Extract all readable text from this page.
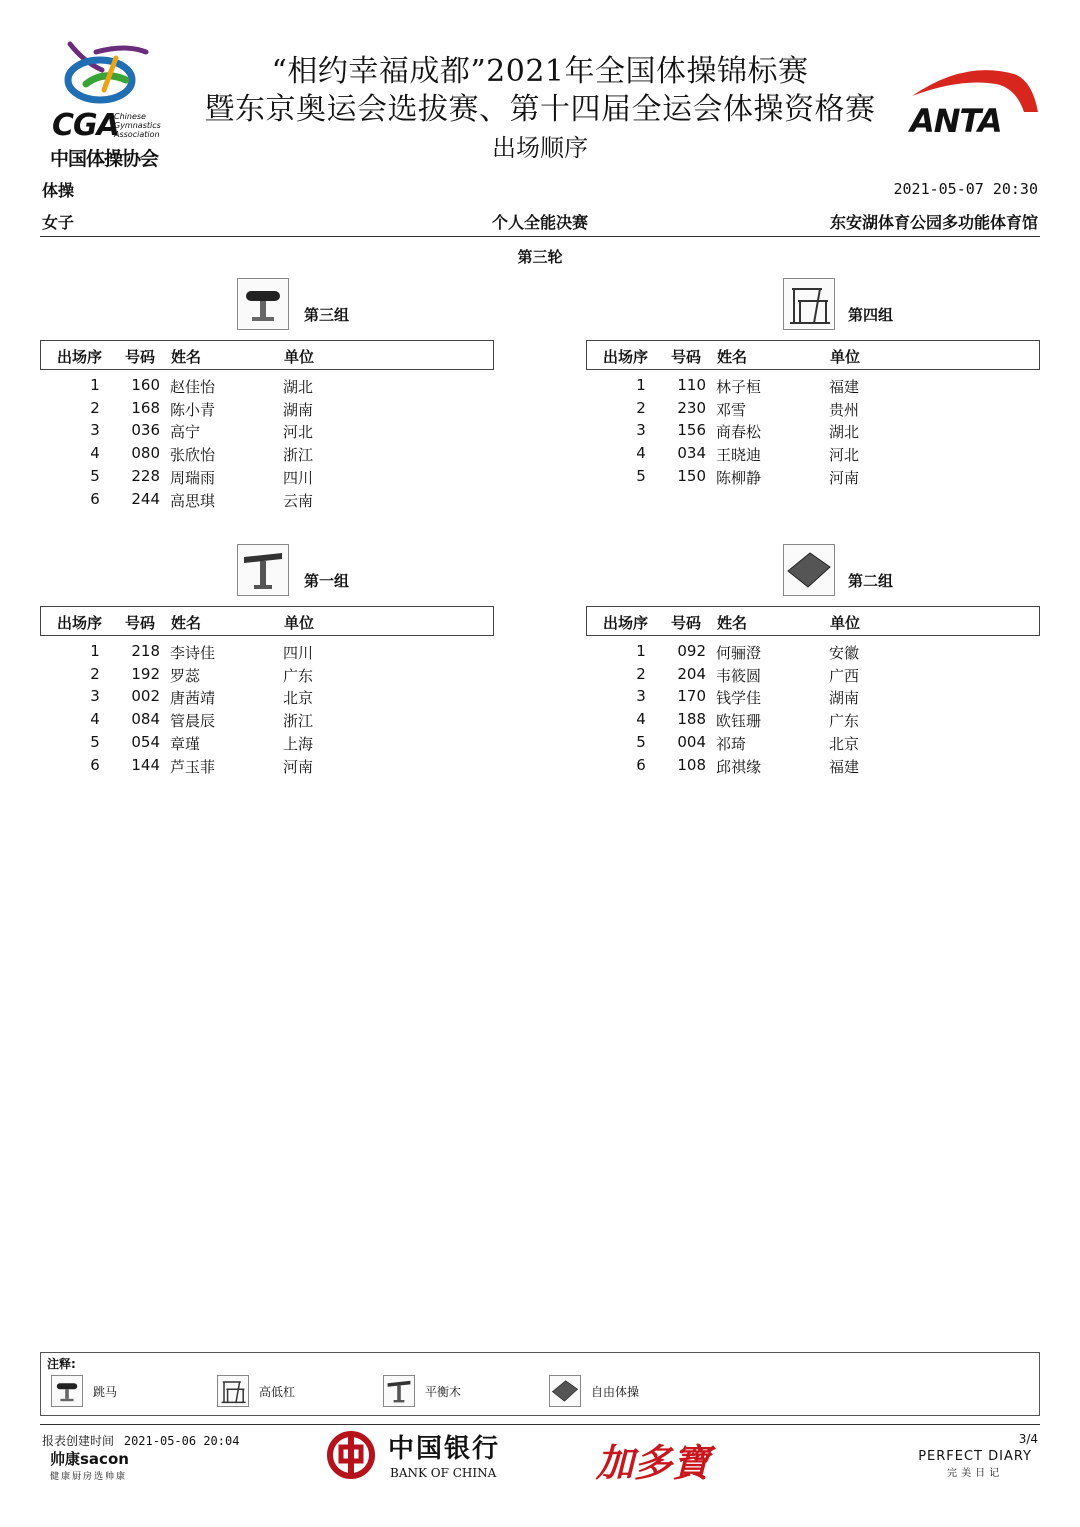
CGA
Chinese
Gymnastics
Association
中国体操协会
“相约幸福成都”2021年全国体操锦标赛
暨东京奥运会选拔赛、第十四届全运会体操资格赛
出场顺序
ANTA
体操	2021-05-07 20:30
女子	个人全能决赛	东安湖体育公园多功能体育馆
第三轮
第三组
出场序 号码 姓名	单位
1	160 赵佳怡	湖北
2	168 陈小青	湖南
3	036 高宁	河北
4	080 张欣怡	浙江
5	228 周瑞雨	四川
6	244 高思琪	云南
第四组
出场序 号码 姓名	单位
1	110 林子桓	福建
2	230 邓雪	贵州
3	156 商春松	湖北
4	034 王晓迪	河北
5	150 陈柳静	河南
第一组
出场序 号码 姓名	单位
1	218 李诗佳	四川
2	192 罗蕊	广东
3	002 唐茜靖	北京
4	084 管晨辰	浙江
5	054 章瑾	上海
6	144 芦玉菲	河南
第二组
出场序 号码 姓名	单位
1	092 何骊澄	安徽
2	204 韦筱圆	广西
3	170 钱学佳	湖南
4	188 欧钰珊	广东
5	004 祁琦	北京
6	108 邱祺缘	福建
注释:
跳马	高低杠	平衡木	自由体操
报表创建时间 2021-05-06 20:04
帅康sacon
健康厨房选帅康
中国银行
BANK OF CHINA	加多寶
3/4
PERFECT DIARY
完美日记
